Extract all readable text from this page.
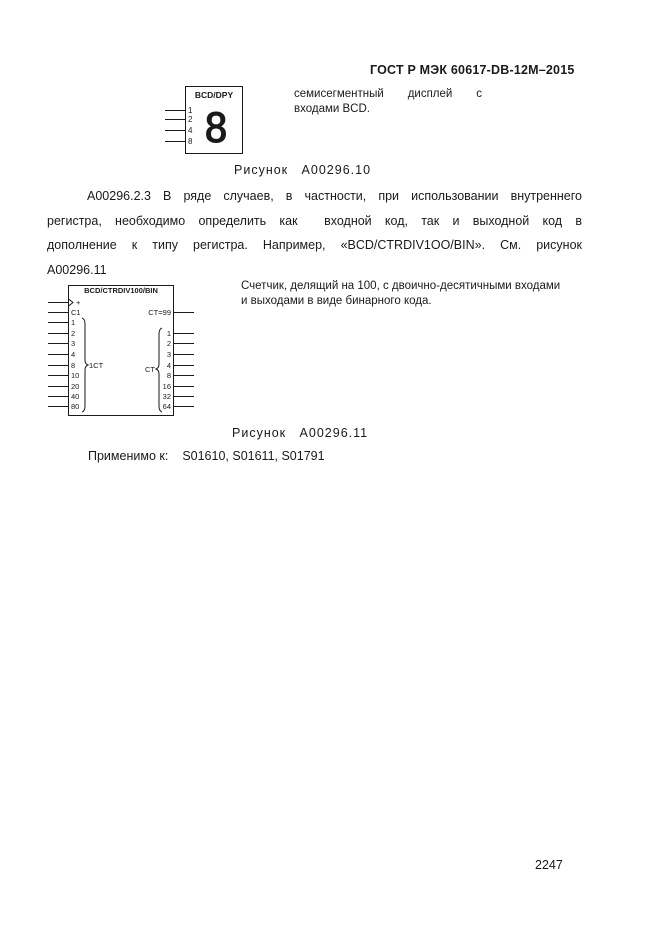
ГОСТ Р МЭК 60617-DB-12M–2015
BCD/DPY
1
2
4
8 8
семисегментный дисплей с
входами BCD.
Рисунок   А00296.10
А00296.2.3 В ряде случаев, в частности, при использовании внутреннего
регистра, необходимо определить как  входной код, так и выходной код в
дополнение к типу регистра. Например, «BCD/CTRDIV1OO/BIN». См. рисунок
А00296.11
BCD/CTRDIV100/BIN
+
C1
1
2
3
4
8
10
20
40
80
1CT
CT=99
1
2
3
4
8
16
32
64
CT
Счетчик, делящий на 100, с двоично-десятичными входами
и выходами в виде бинарного кода.
Рисунок   А00296.11
Применимо к: S01610, S01611, S01791
2247
